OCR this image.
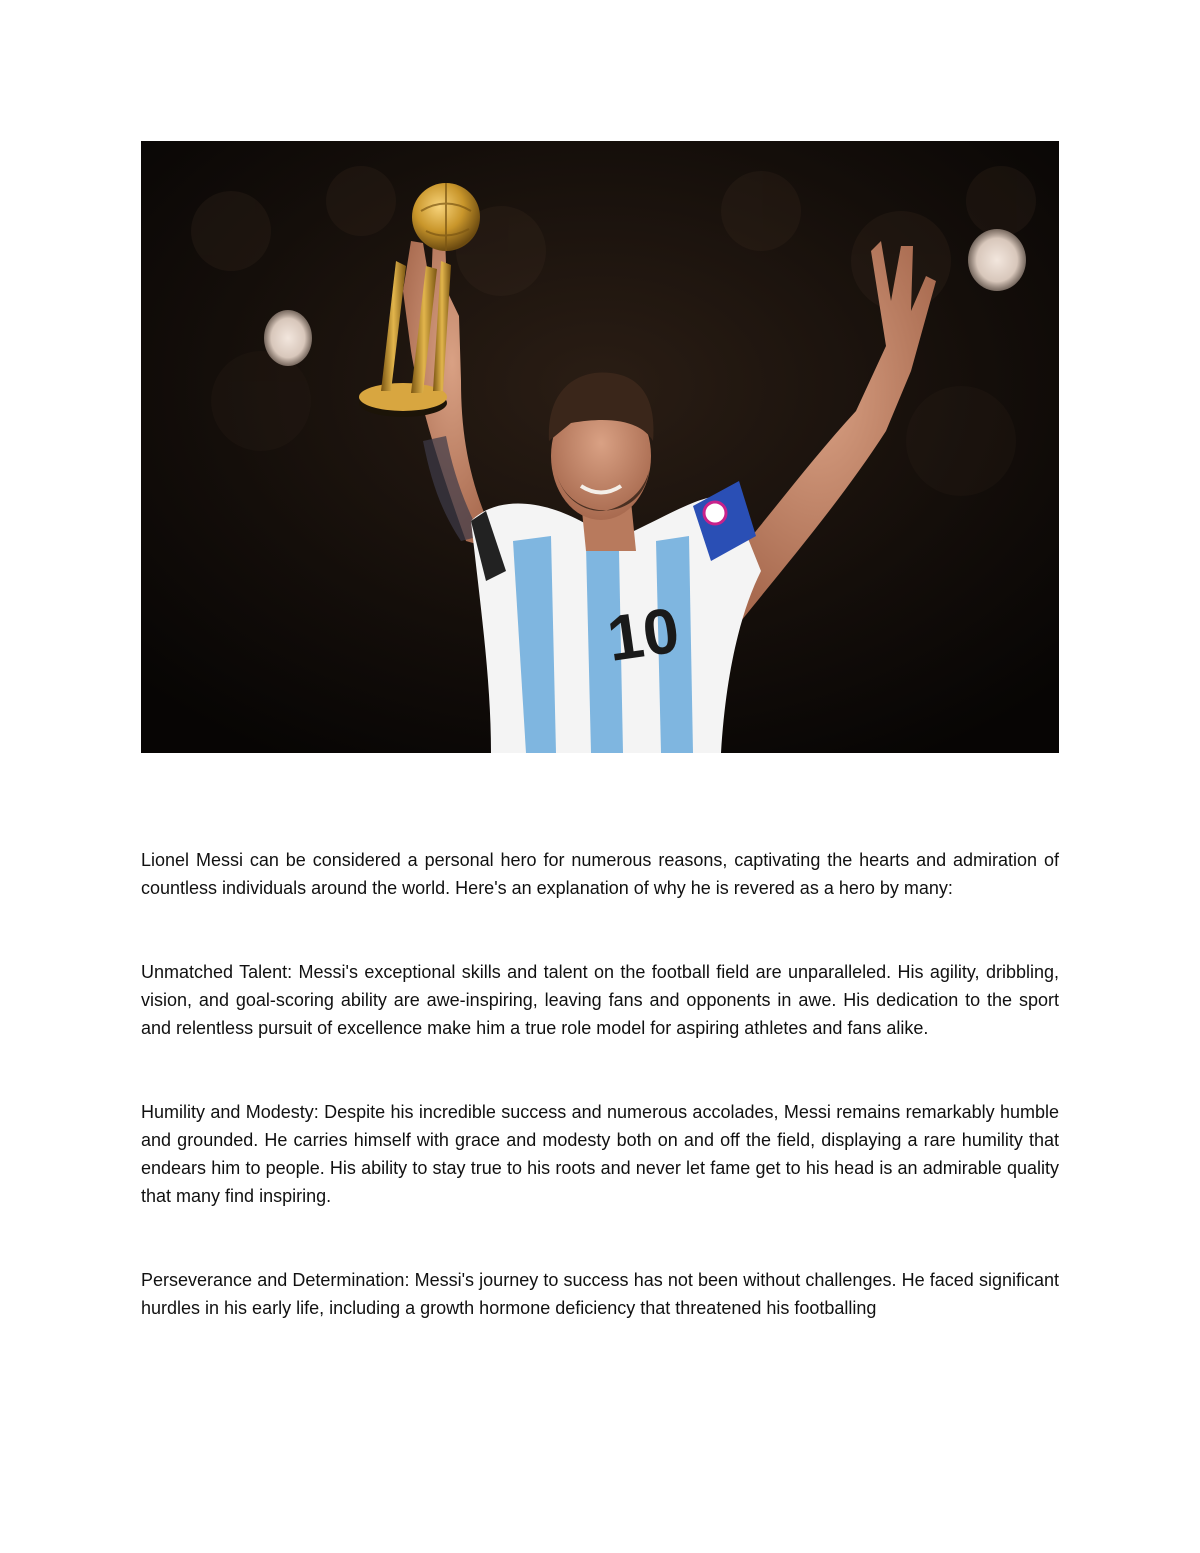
10

Lionel Messi can be considered a personal hero for numerous reasons, captivating the hearts and admiration of countless individuals around the world. Here's an explanation of why he is revered as a hero by many:

Unmatched Talent: Messi's exceptional skills and talent on the football field are unparalleled. His agility, dribbling, vision, and goal-scoring ability are awe-inspiring, leaving fans and opponents in awe. His dedication to the sport and relentless pursuit of excellence make him a true role model for aspiring athletes and fans alike.

Humility and Modesty: Despite his incredible success and numerous accolades, Messi remains remarkably humble and grounded. He carries himself with grace and modesty both on and off the field, displaying a rare humility that endears him to people. His ability to stay true to his roots and never let fame get to his head is an admirable quality that many find inspiring.

Perseverance and Determination: Messi's journey to success has not been without challenges. He faced significant hurdles in his early life, including a growth hormone deficiency that threatened his footballing
